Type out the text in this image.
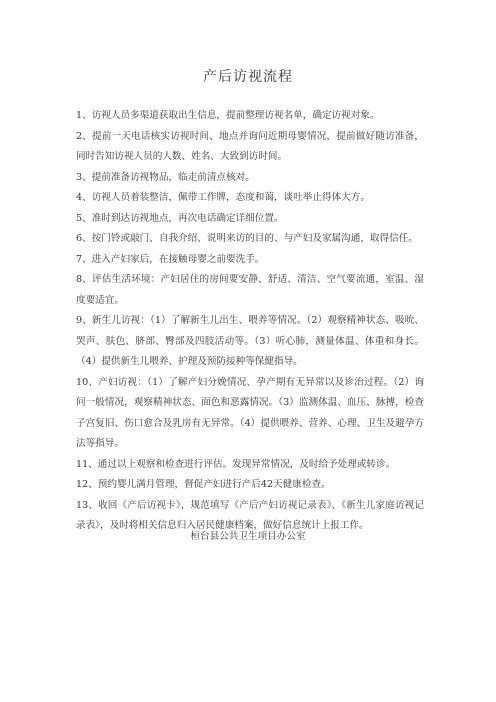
产后访视流程
1、访视人员多渠道获取出生信息，提前整理访视名单，确定访视对象。
2、提前一天电话核实访视时间、地点并询问近期母婴情况，提前做好随访准备，同时告知访视人员的人数、姓名、大致到访时间。
3、提前准备访视物品，临走前清点核对。
4、访视人员着装整洁，佩带工作牌，态度和蔼，谈吐举止得体大方。
5、准时到达访视地点，再次电话确定详细位置。
6、按门铃或敲门、自我介绍、说明来访的目的、与产妇及家属沟通，取得信任。
7、进入产妇家后，在接触母婴之前要洗手。
8、评估生活环境：产妇居住的房间要安静、舒适、清洁、空气要流通，室温、湿度要适宜。
9、新生儿访视：（1）了解新生儿出生、喂养等情况。（2）观察精神状态、吸吮、哭声、肤色、脐部、臀部及四肢活动等。（3）听心肺，测量体温、体重和身长。（4）提供新生儿喂养、护理及预防接种等保健指导。
10、产妇访视：（1）了解产妇分娩情况、孕产期有无异常以及诊治过程。（2）询问一般情况，观察精神状态、面色和恶露情况。（3）监测体温、血压、脉搏，检查子宫复旧、伤口愈合及乳房有无异常。（4）提供喂养、营养、心理、卫生及避孕方法等指导。
11、通过以上观察和检查进行评估。发现异常情况，及时给予处理或转诊。
12、预约婴儿满月管理，督促产妇进行产后42天健康检查。
13、收回《产后访视卡》，规范填写《产后产妇访视记录表》、《新生儿家庭访视记录表》，及时将相关信息归入居民健康档案，做好信息统计上报工作。
桓台县公共卫生项目办公室
